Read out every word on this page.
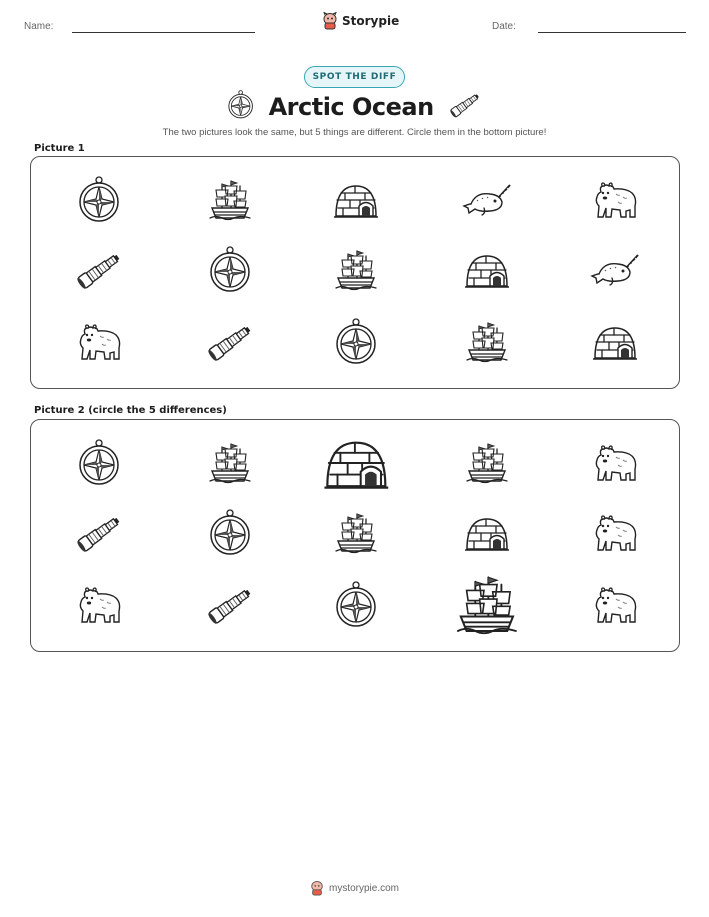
Name:	Storypie	Date:
SPOT THE DIFF
Arctic Ocean
The two pictures look the same, but 5 things are different. Circle them in the bottom picture!
Picture 1
Picture 2 (circle the 5 differences)
mystorypie.com
